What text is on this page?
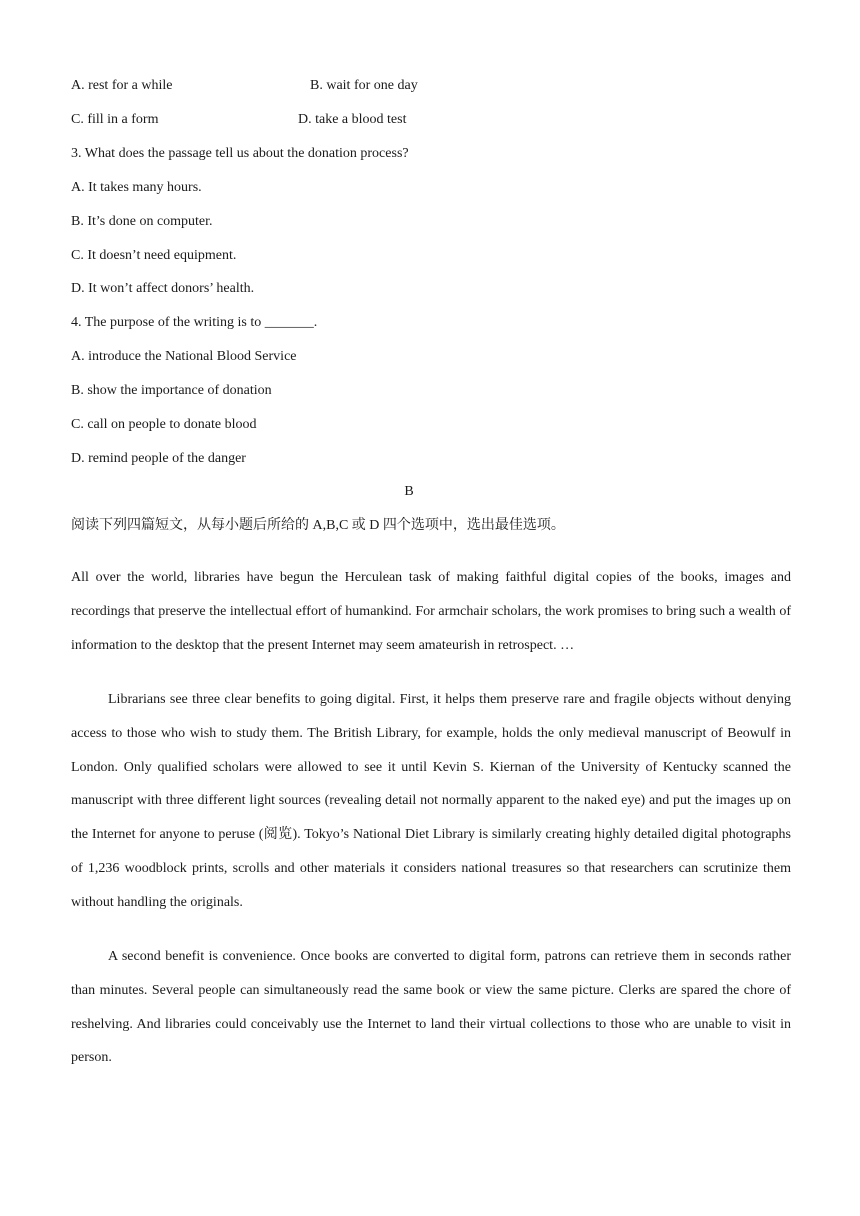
A. rest for a while	B. wait for one day
C. fill in a form	D. take a blood test
3. What does the passage tell us about the donation process?
A. It takes many hours.
B. It’s done on computer.
C. It doesn’t need equipment.
D. It won’t affect donors’ health.
4. The purpose of the writing is to _______.
A. introduce the National Blood Service
B. show the importance of donation
C. call on people to donate blood
D. remind people of the danger
B
阅读下列四篇短文，从每小题后所给的 A,B,C 或 D 四个选项中，选出最佳选项。

All over the world, libraries have begun the Herculean task of making faithful digital copies of the books, images and recordings that preserve the intellectual effort of humankind. For armchair scholars, the work promises to bring such a wealth of information to the desktop that the present Internet may seem amateurish in retrospect. …

Librarians see three clear benefits to going digital. First, it helps them preserve rare and fragile objects without denying access to those who wish to study them. The British Library, for example, holds the only medieval manuscript of Beowulf in London. Only qualified scholars were allowed to see it until Kevin S. Kiernan of the University of Kentucky scanned the manuscript with three different light sources (revealing detail not normally apparent to the naked eye) and put the images up on the Internet for anyone to peruse (阅览). Tokyo’s National Diet Library is similarly creating highly detailed digital photographs of 1,236 woodblock prints, scrolls and other materials it considers national treasures so that researchers can scrutinize them without handling the originals.

A second benefit is convenience. Once books are converted to digital form, patrons can retrieve them in seconds rather than minutes. Several people can simultaneously read the same book or view the same picture. Clerks are spared the chore of reshelving. And libraries could conceivably use the Internet to land their virtual collections to those who are unable to visit in person.
